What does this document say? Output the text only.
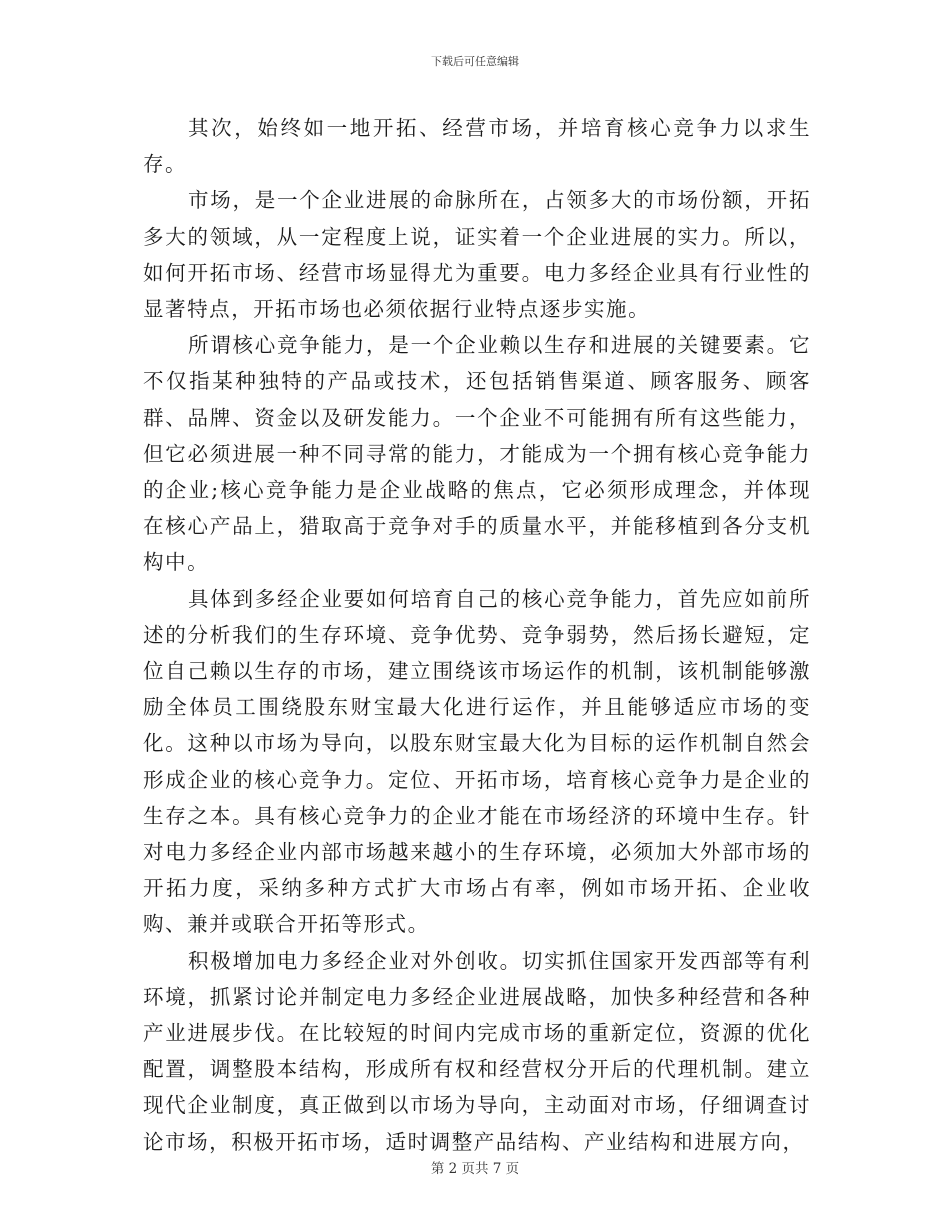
下载后可任意编辑

其次，始终如一地开拓、经营市场，并培育核心竞争力以求生存。

市场，是一个企业进展的命脉所在，占领多大的市场份额，开拓多大的领域，从一定程度上说，证实着一个企业进展的实力。所以，如何开拓市场、经营市场显得尤为重要。电力多经企业具有行业性的显著特点，开拓市场也必须依据行业特点逐步实施。

所谓核心竞争能力，是一个企业赖以生存和进展的关键要素。它不仅指某种独特的产品或技术，还包括销售渠道、顾客服务、顾客群、品牌、资金以及研发能力。一个企业不可能拥有所有这些能力，但它必须进展一种不同寻常的能力，才能成为一个拥有核心竞争能力的企业;核心竞争能力是企业战略的焦点，它必须形成理念，并体现在核心产品上，猎取高于竞争对手的质量水平，并能移植到各分支机构中。

具体到多经企业要如何培育自己的核心竞争能力，首先应如前所述的分析我们的生存环境、竞争优势、竞争弱势，然后扬长避短，定位自己赖以生存的市场，建立围绕该市场运作的机制，该机制能够激励全体员工围绕股东财宝最大化进行运作，并且能够适应市场的变化。这种以市场为导向，以股东财宝最大化为目标的运作机制自然会形成企业的核心竞争力。定位、开拓市场，培育核心竞争力是企业的生存之本。具有核心竞争力的企业才能在市场经济的环境中生存。针对电力多经企业内部市场越来越小的生存环境，必须加大外部市场的开拓力度，采纳多种方式扩大市场占有率，例如市场开拓、企业收购、兼并或联合开拓等形式。

积极增加电力多经企业对外创收。切实抓住国家开发西部等有利环境，抓紧讨论并制定电力多经企业进展战略，加快多种经营和各种产业进展步伐。在比较短的时间内完成市场的重新定位，资源的优化配置，调整股本结构，形成所有权和经营权分开后的代理机制。建立现代企业制度，真正做到以市场为导向，主动面对市场，仔细调查讨论市场，积极开拓市场，适时调整产品结构、产业结构和进展方向，

第 2 页共 7 页
